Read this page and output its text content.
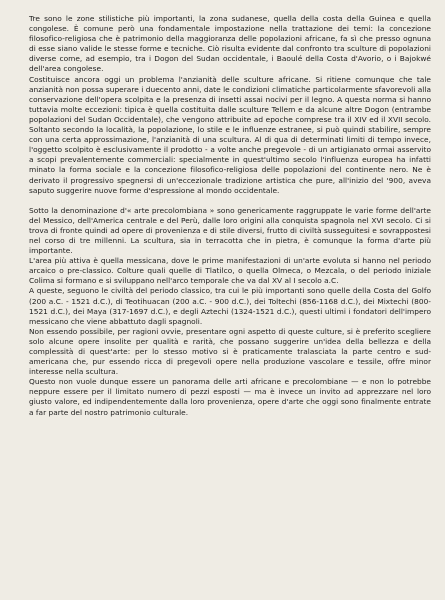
Tre sono le zone stilistiche più importanti, la zona sudanese, quella della costa della Guinea e quella congolese. È comune però una fondamentale impostazione nella trattazione dei temi: la concezione filosofico-religiosa che è patrimonio della maggioranza delle popolazioni africane, fa sì che presso ognuna di esse siano valide le stesse forme e tecniche. Ciò risulta evidente dal confronto tra sculture di popolazioni diverse come, ad esempio, tra i Dogon del Sudan occidentale, i Baoulé della Costa d'Avorio, o i Bajokwé dell'area congolese.

Costituisce ancora oggi un problema l'anzianità delle sculture africane. Si ritiene comunque che tale anzianità non possa superare i duecento anni, date le condizioni climatiche particolarmente sfavorevoli alla conservazione dell'opera scolpita e la presenza di insetti assai nocivi per il legno. A questa norma si hanno tuttavia molte eccezioni: tipica è quella costituita dalle sculture Tellem e da alcune altre Dogon (entrambe popolazioni del Sudan Occidentale), che vengono attribuite ad epoche comprese tra il XIV ed il XVII secolo. Soltanto secondo la località, la popolazione, lo stile e le influenze estranee, si può quindi stabilire, sempre con una certa approssimazione, l'anzianità di una scultura. Al di qua di determinati limiti di tempo invece, l'oggetto scolpito è esclusivamente il prodotto - a volte anche pregevole - di un artigianato ormai asservito a scopi prevalentemente commerciali: specialmente in quest'ultimo secolo l'influenza europea ha infatti minato la forma sociale e la concezione filosofico-religiosa delle popolazioni del continente nero. Ne è derivato il progressivo spegnersi di un'eccezionale tradizione artistica che pure, all'inizio del '900, aveva saputo suggerire nuove forme d'espressione al mondo occidentale.

Sotto la denominazione d'« arte precolombiana » sono genericamente raggruppate le varie forme dell'arte del Messico, dell'America centrale e del Perù, dalle loro origini alla conquista spagnola nel XVI secolo. Ci si trova di fronte quindi ad opere di provenienza e di stile diversi, frutto di civiltà susseguitesi e sovrappostesi nel corso di tre millenni. La scultura, sia in terracotta che in pietra, è comunque la forma d'arte più importante.

L'area più attiva è quella messicana, dove le prime manifestazioni di un'arte evoluta si hanno nel periodo arcaico o pre-classico. Colture quali quelle di Tlatilco, o quella Olmeca, o Mezcala, o del periodo iniziale Colima si formano e si sviluppano nell'arco temporale che va dal XV al I secolo a.C.

A queste, seguono le civiltà del periodo classico, tra cui le più importanti sono quelle della Costa del Golfo (200 a.C. - 1521 d.C.), di Teotihuacan (200 a.C. - 900 d.C.), dei Toltechi (856-1168 d.C.), dei Mixtechi (800-1521 d.C.), dei Maya (317-1697 d.C.), e degli Aztechi (1324-1521 d.C.), questi ultimi i fondatori dell'impero messicano che viene abbattuto dagli spagnoli.

Non essendo possibile, per ragioni ovvie, presentare ogni aspetto di queste culture, si è preferito scegliere solo alcune opere insolite per qualità e rarità, che possano suggerire un'idea della bellezza e della complessità di quest'arte: per lo stesso motivo si è praticamente tralasciata la parte centro e sud-americana che, pur essendo ricca di pregevoli opere nella produzione vascolare e tessile, offre minor interesse nella scultura.

Questo non vuole dunque essere un panorama delle arti africane e precolombiane — e non lo potrebbe neppure essere per il limitato numero di pezzi esposti — ma è invece un invito ad apprezzare nel loro giusto valore, ed indipendentemente dalla loro provenienza, opere d'arte che oggi sono finalmente entrate a far parte del nostro patrimonio culturale.
